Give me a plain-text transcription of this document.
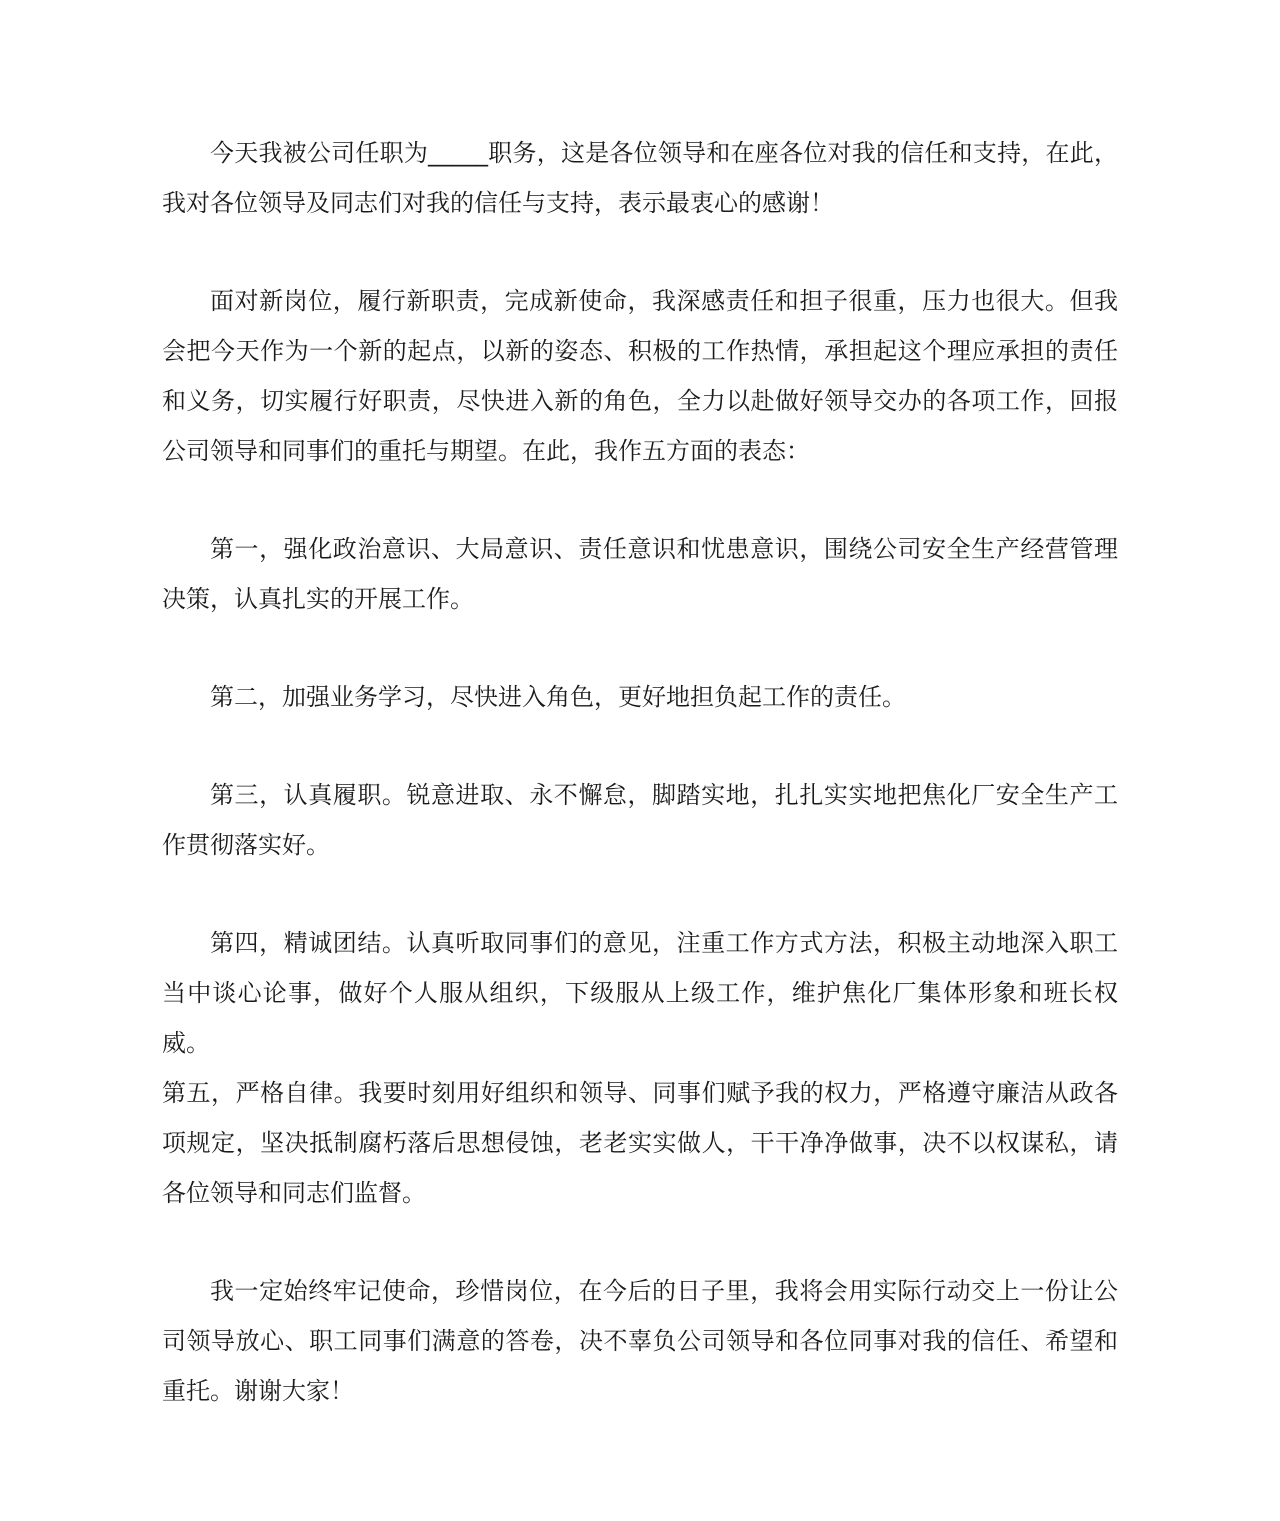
今天我被公司任职为_____职务，这是各位领导和在座各位对我的信任和支持，在此，我对各位领导及同志们对我的信任与支持，表示最衷心的感谢！

面对新岗位，履行新职责，完成新使命，我深感责任和担子很重，压力也很大。但我会把今天作为一个新的起点，以新的姿态、积极的工作热情，承担起这个理应承担的责任和义务，切实履行好职责，尽快进入新的角色，全力以赴做好领导交办的各项工作，回报公司领导和同事们的重托与期望。在此，我作五方面的表态：

第一，强化政治意识、大局意识、责任意识和忧患意识，围绕公司安全生产经营管理决策，认真扎实的开展工作。

第二，加强业务学习，尽快进入角色，更好地担负起工作的责任。

第三，认真履职。锐意进取、永不懈怠，脚踏实地，扎扎实实地把焦化厂安全生产工作贯彻落实好。

第四，精诚团结。认真听取同事们的意见，注重工作方式方法，积极主动地深入职工当中谈心论事，做好个人服从组织，下级服从上级工作，维护焦化厂集体形象和班长权威。

第五，严格自律。我要时刻用好组织和领导、同事们赋予我的权力，严格遵守廉洁从政各项规定，坚决抵制腐朽落后思想侵蚀，老老实实做人，干干净净做事，决不以权谋私，请各位领导和同志们监督。

我一定始终牢记使命，珍惜岗位，在今后的日子里，我将会用实际行动交上一份让公司领导放心、职工同事们满意的答卷，决不辜负公司领导和各位同事对我的信任、希望和重托。谢谢大家！
